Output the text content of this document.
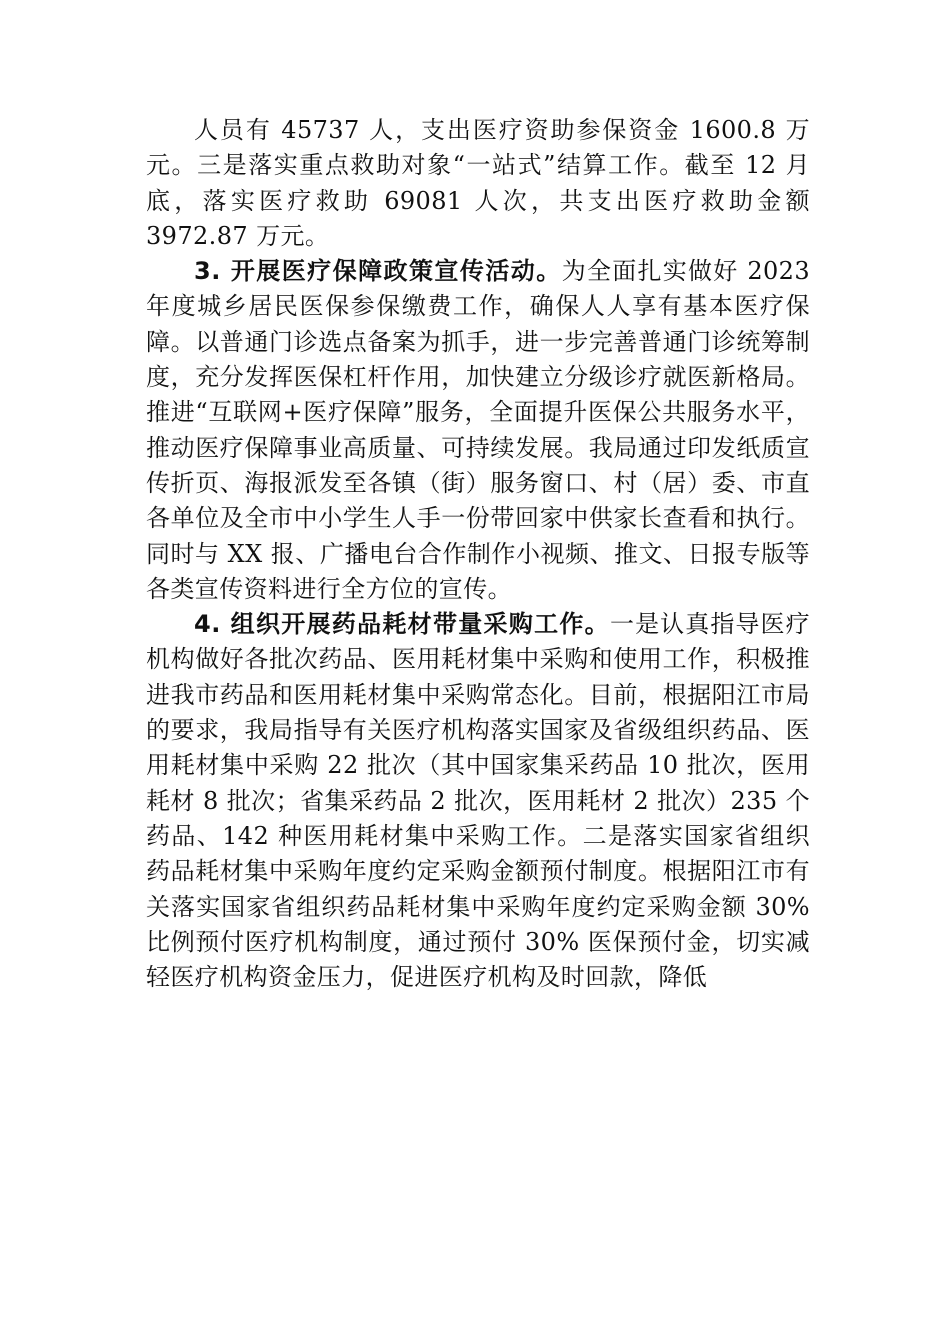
人员有 45737 人，支出医疗资助参保资金 1600.8 万元。三是落实重点救助对象“一站式”结算工作。截至 12 月底，落实医疗救助 69081 人次，共支出医疗救助金额 3972.87 万元。

3. 开展医疗保障政策宣传活动。为全面扎实做好 2023 年度城乡居民医保参保缴费工作，确保人人享有基本医疗保障。以普通门诊选点备案为抓手，进一步完善普通门诊统筹制度，充分发挥医保杠杆作用，加快建立分级诊疗就医新格局。推进“互联网+医疗保障”服务，全面提升医保公共服务水平，推动医疗保障事业高质量、可持续发展。我局通过印发纸质宣传折页、海报派发至各镇（街）服务窗口、村（居）委、市直各单位及全市中小学生人手一份带回家中供家长查看和执行。同时与 XX 报、广播电台合作制作小视频、推文、日报专版等各类宣传资料进行全方位的宣传。

4. 组织开展药品耗材带量采购工作。一是认真指导医疗机构做好各批次药品、医用耗材集中采购和使用工作，积极推进我市药品和医用耗材集中采购常态化。目前，根据阳江市局的要求，我局指导有关医疗机构落实国家及省级组织药品、医用耗材集中采购 22 批次（其中国家集采药品 10 批次，医用耗材 8 批次；省集采药品 2 批次，医用耗材 2 批次）235 个药品、142 种医用耗材集中采购工作。二是落实国家省组织药品耗材集中采购年度约定采购金额预付制度。根据阳江市有关落实国家省组织药品耗材集中采购年度约定采购金额 30% 比例预付医疗机构制度，通过预付 30% 医保预付金，切实减轻医疗机构资金压力，促进医疗机构及时回款，降低
